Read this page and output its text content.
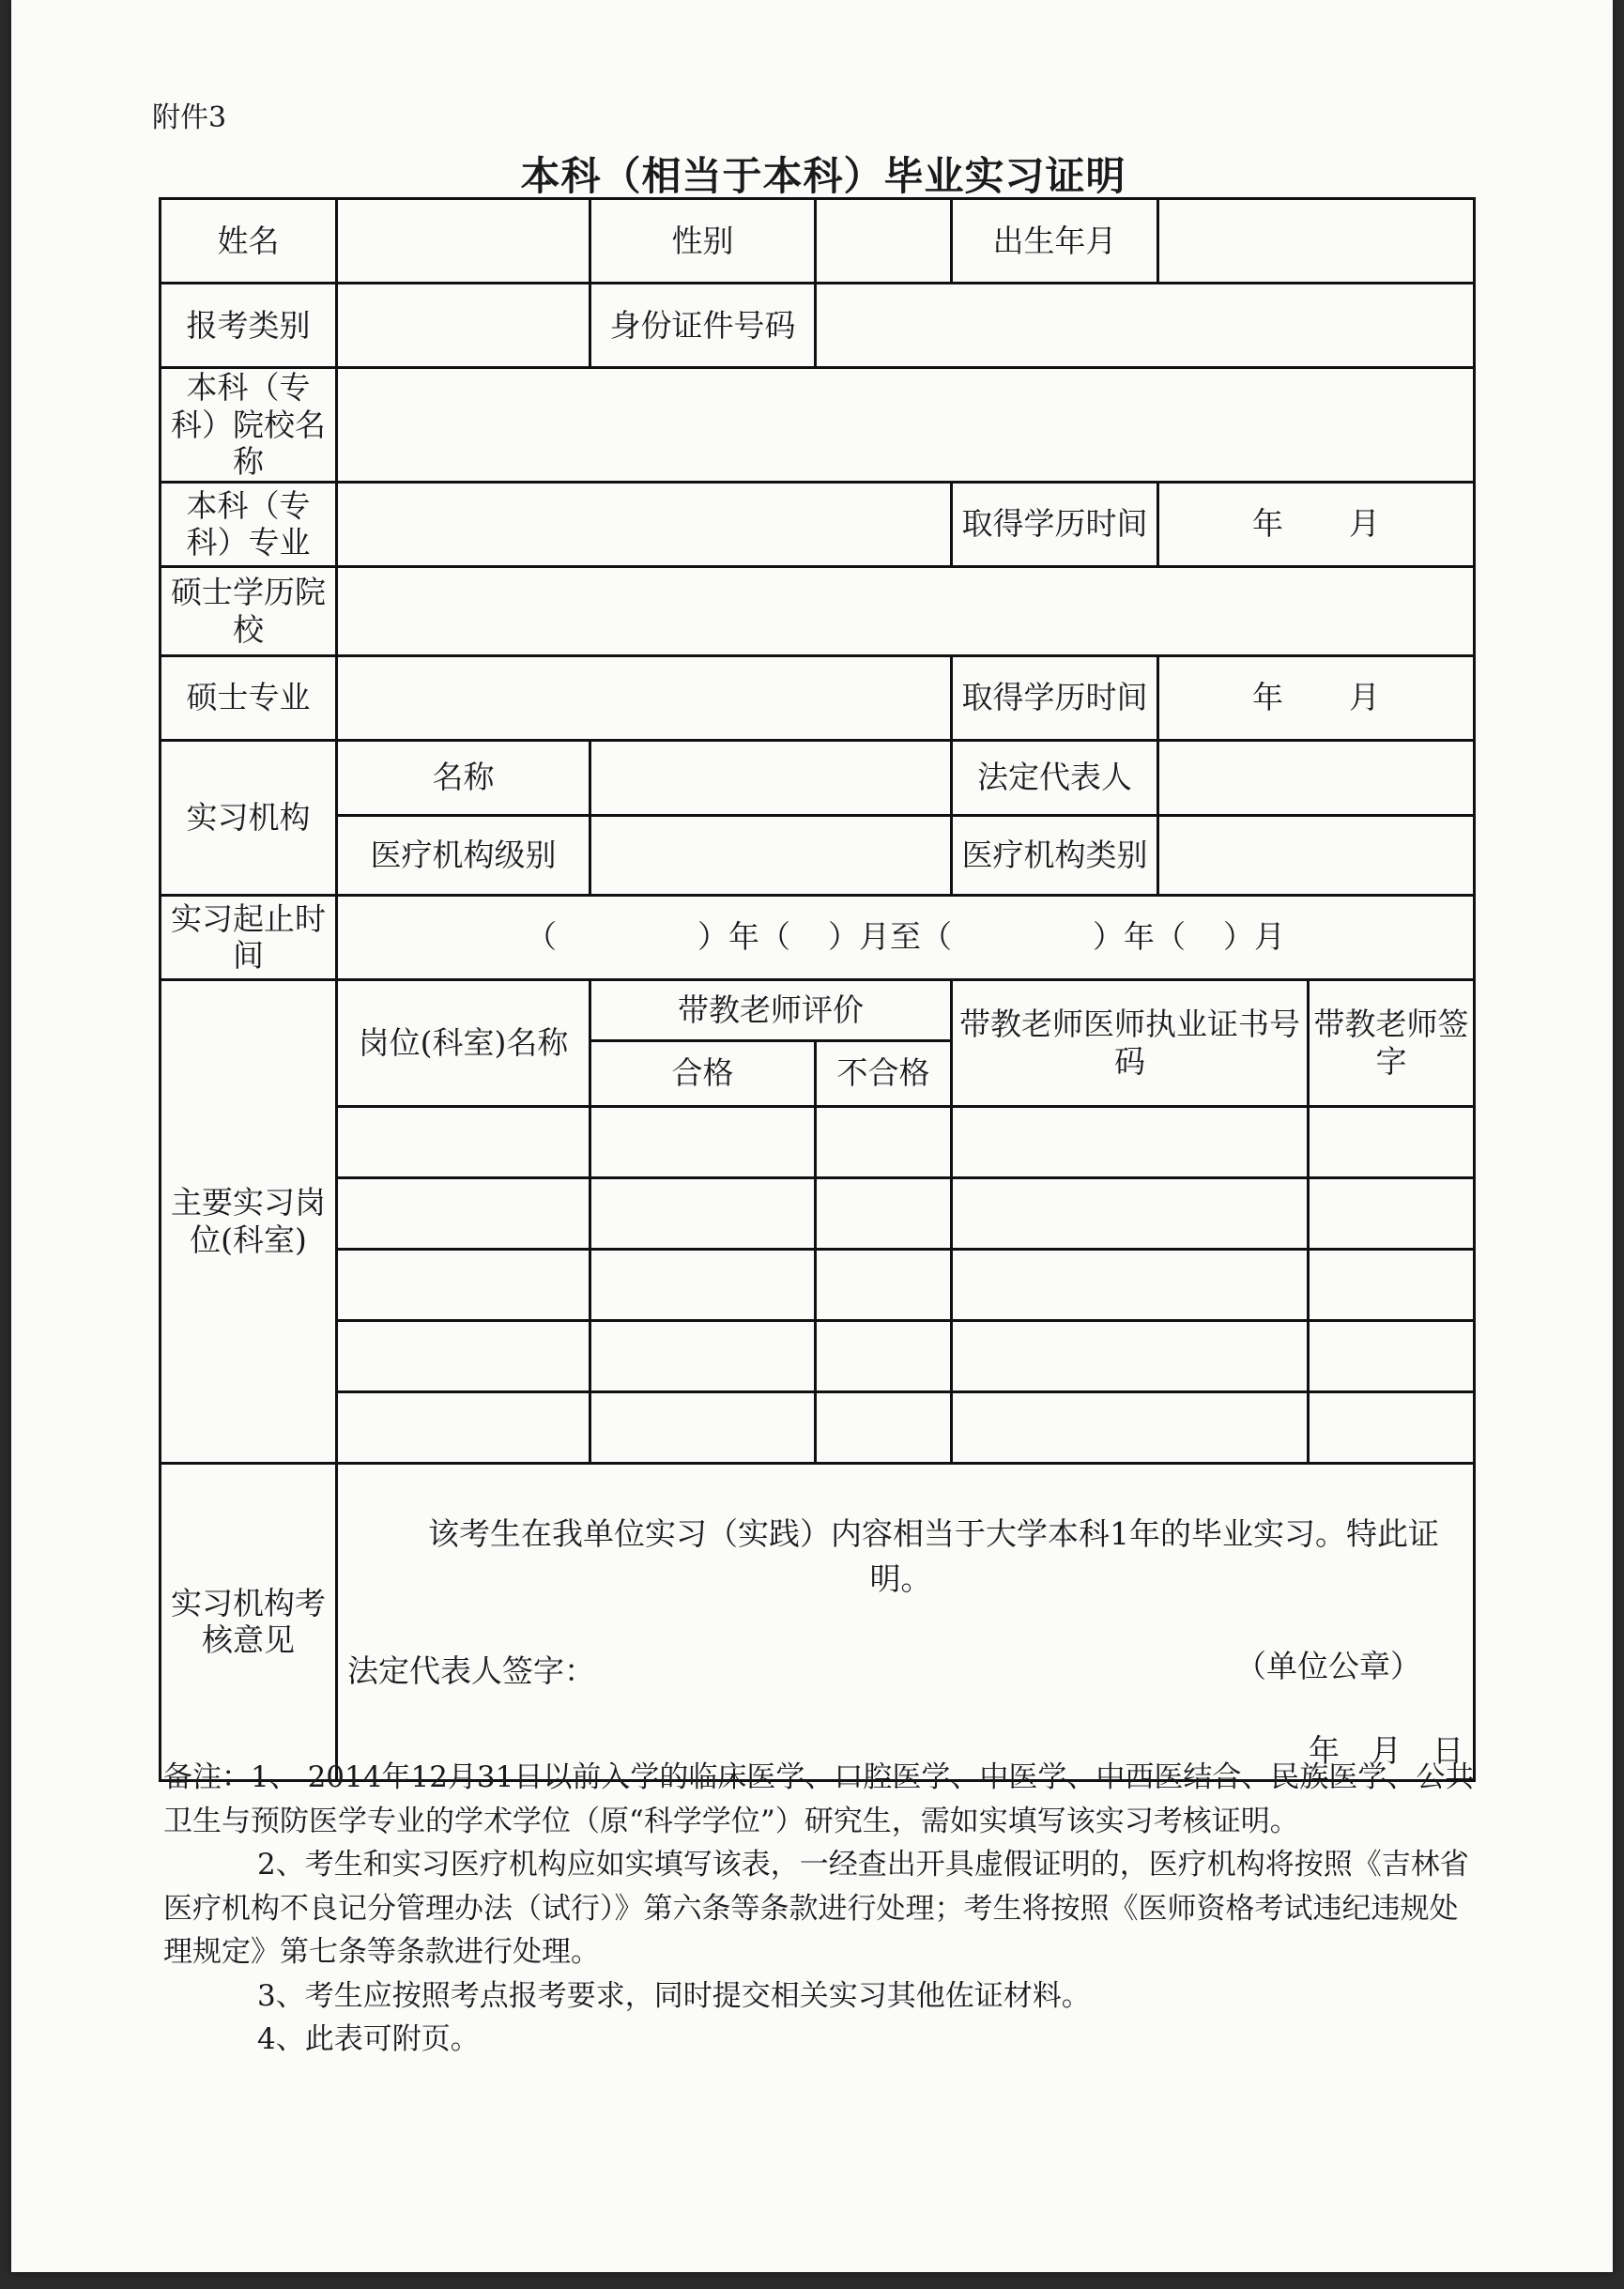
附件3
本科（相当于本科）毕业实习证明
姓名		性别		出生年月		
报考类别		身份证件号码				
本科（专科）院校名称						
本科（专科）专业				取得学历时间	年 月	
硕士学历院校						
硕士专业				取得学历时间	年 月	
实习机构	名称			法定代表人		
	医疗机构级别			医疗机构类别		
实习起止时间	（ ）年（ ）月至（ ）年（ ）月					
主要实习岗位(科室)	岗位(科室)名称	带教老师评价		带教老师医师执业证书号码		带教老师签字
		合格	不合格			

实习机构考核意见	该考生在我单位实习（实践）内容相当于大学本科1年的毕业实习。特此证明。
法定代表人签字： （单位公章）
年　月　日					

备注：1、 2014年12月31日以前入学的临床医学、口腔医学、中医学、中西医结合、民族医学、公共卫生与预防医学专业的学术学位（原“科学学位”）研究生，需如实填写该实习考核证明。

2、考生和实习医疗机构应如实填写该表，一经查出开具虚假证明的，医疗机构将按照《吉林省医疗机构不良记分管理办法（试行）》第六条等条款进行处理；考生将按照《医师资格考试违纪违规处理规定》第七条等条款进行处理。

3、考生应按照考点报考要求，同时提交相关实习其他佐证材料。

4、此表可附页。
